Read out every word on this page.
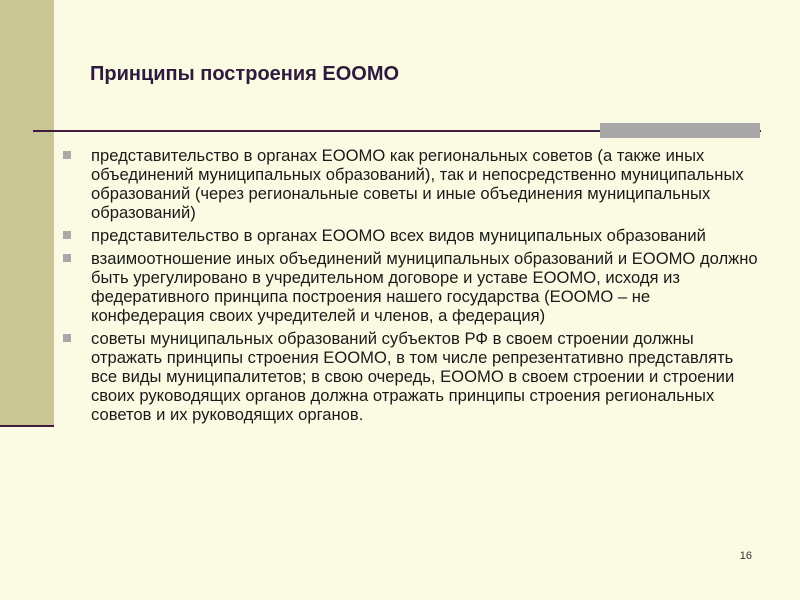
Принципы построения ЕООМО
представительство в органах ЕООМО как региональных советов (а также иных объединений муниципальных образований), так и непосредственно муниципальных образований (через региональные советы и иные объединения муниципальных образований)
представительство в органах ЕООМО всех видов муниципальных образований
взаимоотношение иных объединений муниципальных образований и ЕООМО должно быть урегулировано в учредительном договоре и уставе ЕООМО, исходя из федеративного принципа построения нашего государства (ЕООМО – не конфедерация своих учредителей и членов, а федерация)
советы муниципальных образований субъектов РФ в своем строении должны отражать принципы строения ЕООМО, в том числе репрезентативно представлять все виды муниципалитетов; в свою очередь, ЕООМО в своем строении и строении своих руководящих органов должна отражать принципы строения региональных советов и их руководящих органов.
16
